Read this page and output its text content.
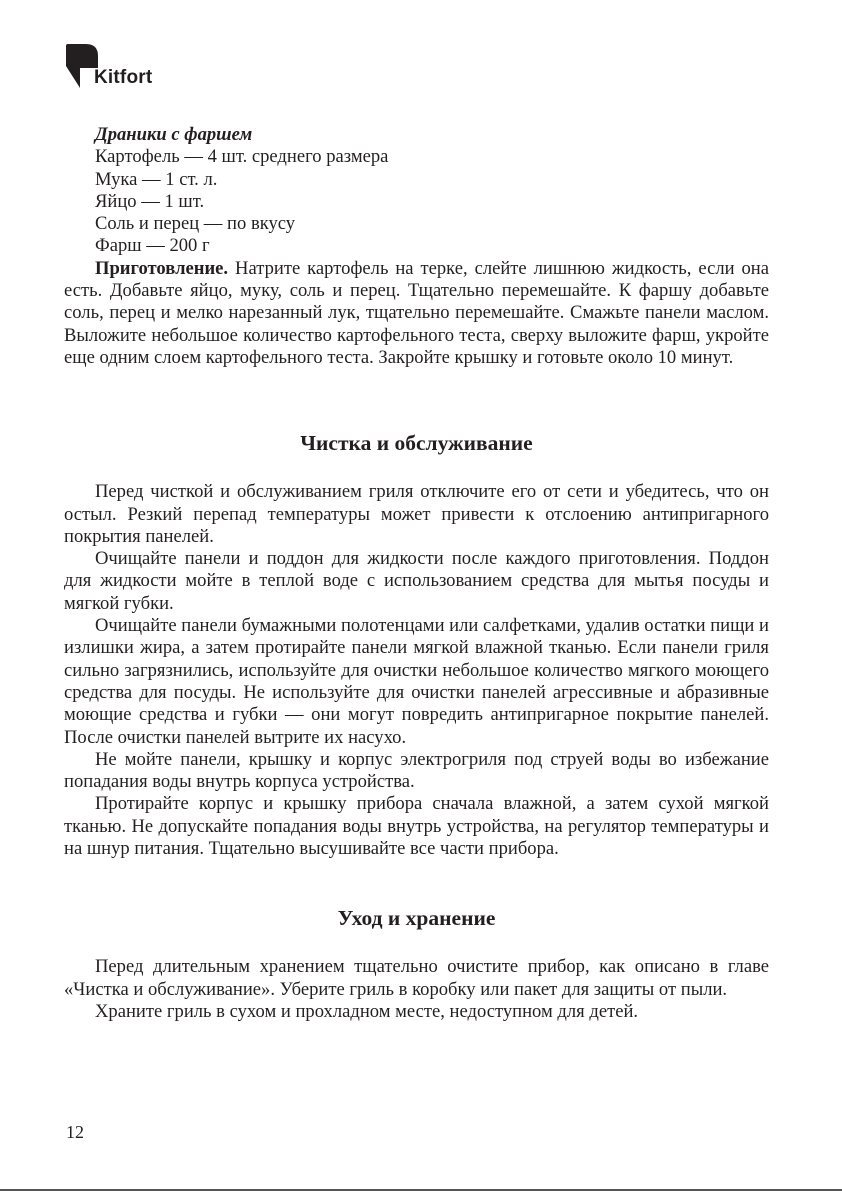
Kitfort

Драники с фаршем

Картофель — 4 шт. среднего размера

Мука — 1 ст. л.

Яйцо — 1 шт.

Соль и перец — по вкусу

Фарш — 200 г

Приготовление. Натрите картофель на терке, слейте лишнюю жидкость, если она есть. Добавьте яйцо, муку, соль и перец. Тщательно перемешайте. К фаршу добавьте соль, перец и мелко нарезанный лук, тщательно перемешайте. Смажьте панели маслом. Выложите небольшое количество картофельного теста, сверху выложите фарш, укройте еще одним слоем картофельного теста. Закройте крышку и готовьте около 10 минут.

Чистка и обслуживание

Перед чисткой и обслуживанием гриля отключите его от сети и убедитесь, что он остыл. Резкий перепад температуры может привести к отслоению антипригарного покрытия панелей.

Очищайте панели и поддон для жидкости после каждого приготовления. Поддон для жидкости мойте в теплой воде с использованием средства для мытья посуды и мягкой губки.

Очищайте панели бумажными полотенцами или салфетками, удалив остатки пищи и излишки жира, а затем протирайте панели мягкой влажной тканью. Если панели гриля сильно загрязнились, используйте для очистки небольшое количество мягкого моющего средства для посуды. Не используйте для очистки панелей агрессивные и абразивные моющие средства и губки — они могут повредить антипригарное покрытие панелей. После очистки панелей вытрите их насухо.

Не мойте панели, крышку и корпус электрогриля под струей воды во избежание попадания воды внутрь корпуса устройства.

Протирайте корпус и крышку прибора сначала влажной, а затем сухой мягкой тканью. Не допускайте попадания воды внутрь устройства, на регулятор температуры и на шнур питания. Тщательно высушивайте все части прибора.

Уход и хранение

Перед длительным хранением тщательно очистите прибор, как описано в главе «Чистка и обслуживание». Уберите гриль в коробку или пакет для защиты от пыли.

Храните гриль в сухом и прохладном месте, недоступном для детей.

12
